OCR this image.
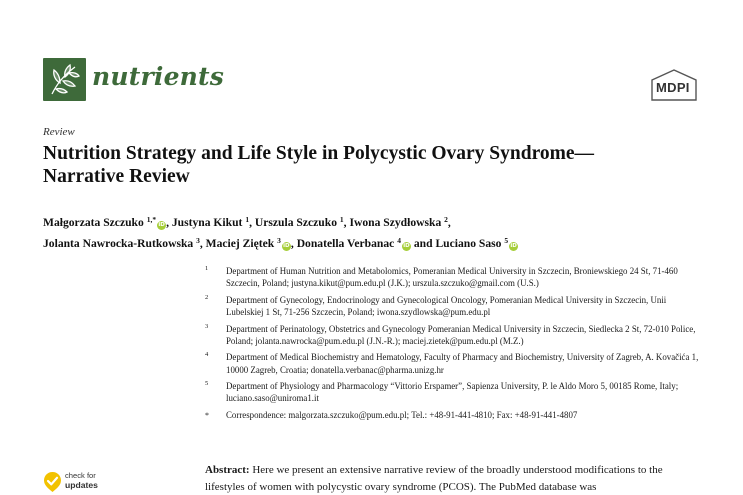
nutrients	MDPI
Review
Nutrition Strategy and Life Style in Polycystic Ovary Syndrome—Narrative Review
Małgorzata Szczuko $^{1,*}$iD, Justyna Kikut $^1$, Urszula Szczuko $^1$, Iwona Szydłowska $^2$,
Jolanta Nawrocka-Rutkowska $^3$, Maciej Ziętek $^3$iD, Donatella Verbanac $^4$iD and Luciano Saso $^5$iD
1 Department of Human Nutrition and Metabolomics, Pomeranian Medical University in Szczecin, Broniewskiego 24 St, 71-460 Szczecin, Poland; justyna.kikut@pum.edu.pl (J.K.); urszula.szczuko@gmail.com (U.S.)
2 Department of Gynecology, Endocrinology and Gynecological Oncology, Pomeranian Medical University in Szczecin, Unii Lubelskiej 1 St, 71-256 Szczecin, Poland; iwona.szydlowska@pum.edu.pl
3 Department of Perinatology, Obstetrics and Gynecology Pomeranian Medical University in Szczecin, Siedlecka 2 St, 72-010 Police, Poland; jolanta.nawrocka@pum.edu.pl (J.N.-R.); maciej.zietek@pum.edu.pl (M.Z.)
4 Department of Medical Biochemistry and Hematology, Faculty of Pharmacy and Biochemistry, University of Zagreb, A. Kovačića 1, 10000 Zagreb, Croatia; donatella.verbanac@pharma.unizg.hr
5 Department of Physiology and Pharmacology “Vittorio Erspamer”, Sapienza University, P. le Aldo Moro 5, 00185 Rome, Italy; luciano.saso@uniroma1.it
* Correspondence: malgorzata.szczuko@pum.edu.pl; Tel.: +48-91-441-4810; Fax: +48-91-441-4807
check for
updates
Abstract: Here we present an extensive narrative review of the broadly understood modifications to the lifestyles of women with polycystic ovary syndrome (PCOS). The PubMed database was
